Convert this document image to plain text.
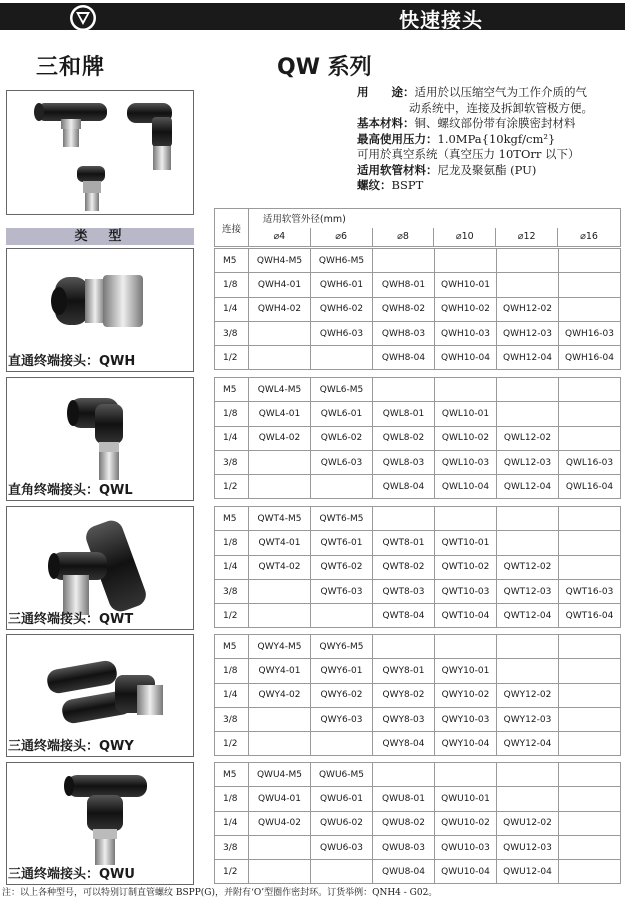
快速接头
三和牌	QW 系列
用　　途： 适用於以压缩空气为工作介质的气
动系统中，连接及拆卸软管极方便。
基本材料： 铜、螺纹部份带有涂膜密封材料
最高使用压力： 1.0MPa{10kgf/cm²}
可用於真空系统（真空压力 10TOrr 以下）
适用软管材料： 尼龙及聚氨酯 (PU)
螺纹： BSPT
类　型
直通终端接头：QWH
直角终端接头：QWL
三通终端接头：QWT
三通终端接头：QWY
三通终端接头：QWU
连接	适用软管外径(mm)					
	⌀4	⌀6	⌀8	⌀10	⌀12	⌀16
M5	QWH4-M5	QWH6-M5				
1/8	QWH4-01	QWH6-01	QWH8-01	QWH10-01		
1/4	QWH4-02	QWH6-02	QWH8-02	QWH10-02	QWH12-02	
3/8		QWH6-03	QWH8-03	QWH10-03	QWH12-03	QWH16-03
1/2			QWH8-04	QWH10-04	QWH12-04	QWH16-04
M5	QWL4-M5	QWL6-M5				
1/8	QWL4-01	QWL6-01	QWL8-01	QWL10-01		
1/4	QWL4-02	QWL6-02	QWL8-02	QWL10-02	QWL12-02	
3/8		QWL6-03	QWL8-03	QWL10-03	QWL12-03	QWL16-03
1/2			QWL8-04	QWL10-04	QWL12-04	QWL16-04
M5	QWT4-M5	QWT6-M5				
1/8	QWT4-01	QWT6-01	QWT8-01	QWT10-01		
1/4	QWT4-02	QWT6-02	QWT8-02	QWT10-02	QWT12-02	
3/8		QWT6-03	QWT8-03	QWT10-03	QWT12-03	QWT16-03
1/2			QWT8-04	QWT10-04	QWT12-04	QWT16-04
M5	QWY4-M5	QWY6-M5				
1/8	QWY4-01	QWY6-01	QWY8-01	QWY10-01		
1/4	QWY4-02	QWY6-02	QWY8-02	QWY10-02	QWY12-02	
3/8		QWY6-03	QWY8-03	QWY10-03	QWY12-03	
1/2			QWY8-04	QWY10-04	QWY12-04	
M5	QWU4-M5	QWU6-M5				
1/8	QWU4-01	QWU6-01	QWU8-01	QWU10-01		
1/4	QWU4-02	QWU6-02	QWU8-02	QWU10-02	QWU12-02	
3/8		QWU6-03	QWU8-03	QWU10-03	QWU12-03	
1/2			QWU8-04	QWU10-04	QWU12-04	
注：以上各种型号，可以特别订制直管螺纹 BSPP(G)，并附有‘O’型圈作密封环。订货举例：QNH4 - G02。
